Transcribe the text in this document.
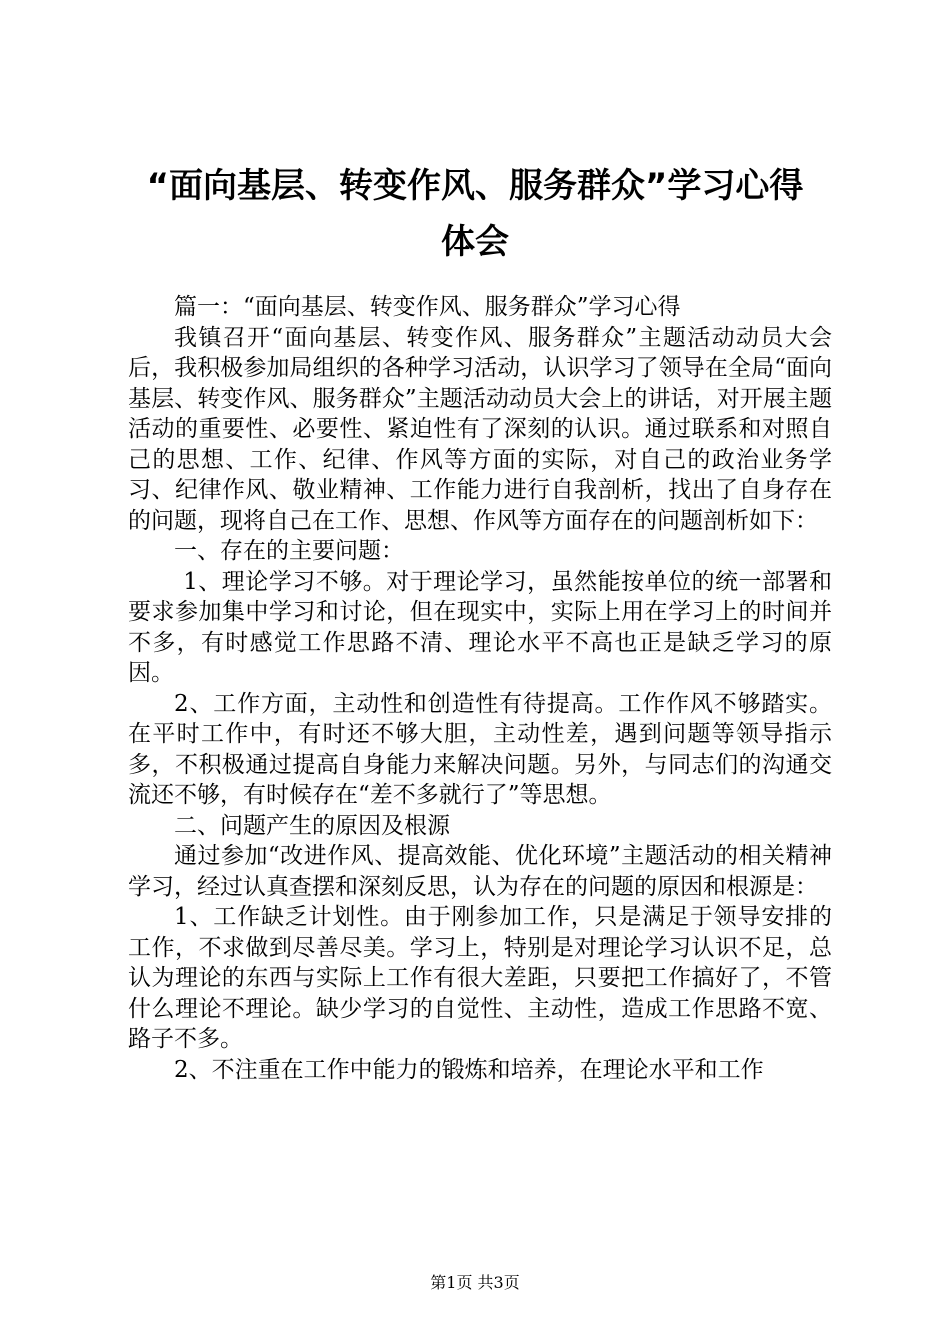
“面向基层、转变作风、服务群众”学习心得
体会

篇一：“面向基层、转变作风、服务群众”学习心得

我镇召开“面向基层、转变作风、服务群众”主题活动动员大会后，我积极参加局组织的各种学习活动，认识学习了领导在全局“面向基层、转变作风、服务群众”主题活动动员大会上的讲话，对开展主题活动的重要性、必要性、紧迫性有了深刻的认识。通过联系和对照自己的思想、工作、纪律、作风等方面的实际，对自己的政治业务学习、纪律作风、敬业精神、工作能力进行自我剖析，找出了自身存在的问题，现将自己在工作、思想、作风等方面存在的问题剖析如下：

一、存在的主要问题：

1、理论学习不够。对于理论学习，虽然能按单位的统一部署和要求参加集中学习和讨论，但在现实中，实际上用在学习上的时间并不多，有时感觉工作思路不清、理论水平不高也正是缺乏学习的原因。

2、工作方面，主动性和创造性有待提高。工作作风不够踏实。在平时工作中，有时还不够大胆，主动性差，遇到问题等领导指示多，不积极通过提高自身能力来解决问题。另外，与同志们的沟通交流还不够，有时候存在“差不多就行了”等思想。

二、问题产生的原因及根源

通过参加“改进作风、提高效能、优化环境”主题活动的相关精神学习，经过认真查摆和深刻反思，认为存在的问题的原因和根源是：

1、工作缺乏计划性。由于刚参加工作，只是满足于领导安排的工作，不求做到尽善尽美。学习上，特别是对理论学习认识不足，总认为理论的东西与实际上工作有很大差距，只要把工作搞好了，不管什么理论不理论。缺少学习的自觉性、主动性，造成工作思路不宽、路子不多。

2、不注重在工作中能力的锻炼和培养，在理论水平和工作

第1页 共3页
